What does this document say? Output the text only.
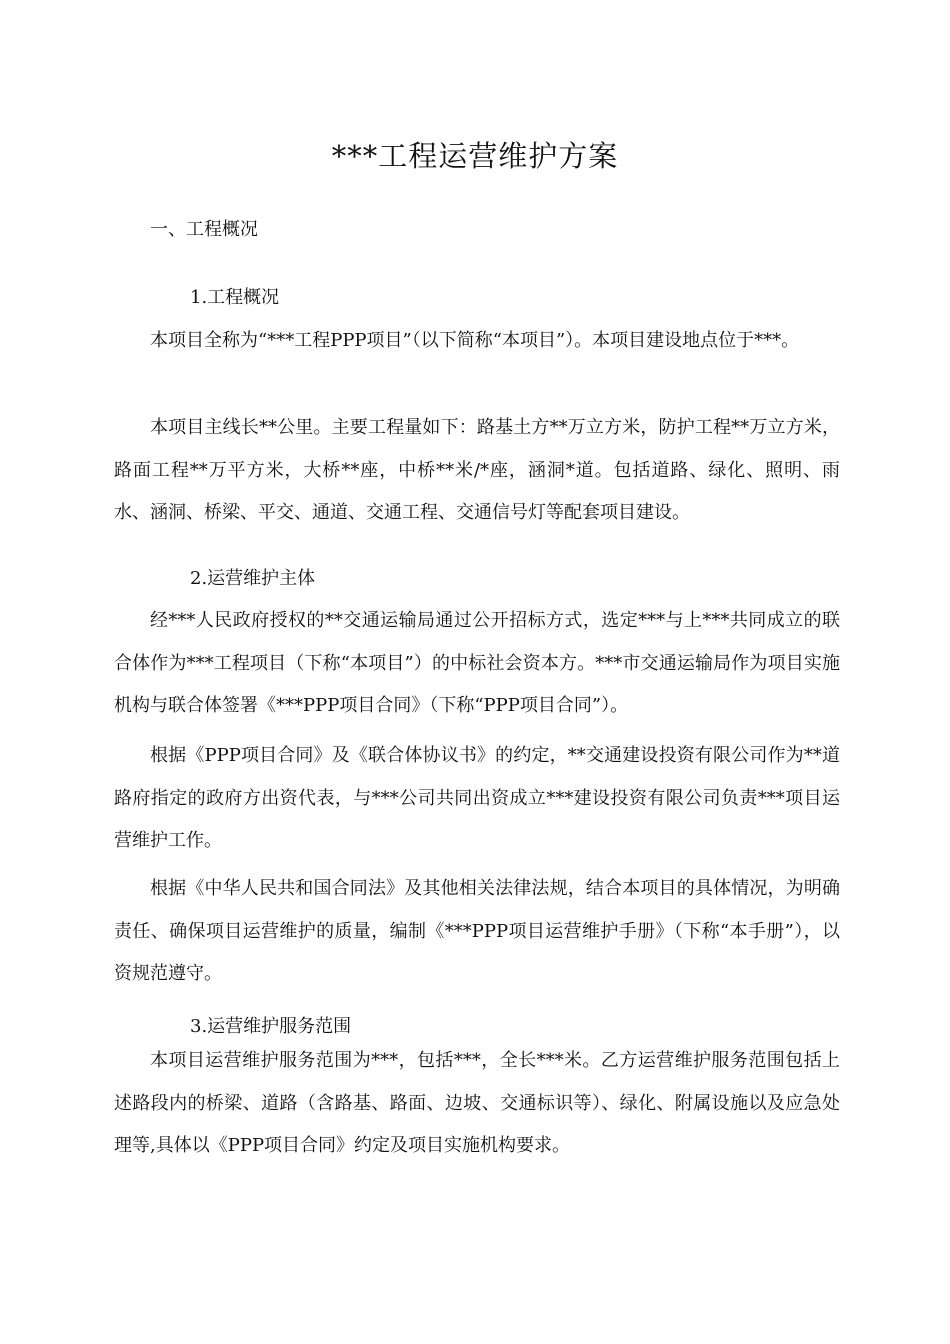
***工程运营维护方案
一、工程概况
1.工程概况

本项目全称为“***工程PPP项目”（以下简称“本项目”）。本项目建设地点位于***。

本项目主线长**公里。主要工程量如下：路基土方**万立方米，防护工程**万立方米，路面工程**万平方米，大桥**座，中桥**米/*座，涵洞*道。包括道路、绿化、照明、雨水、涵洞、桥梁、平交、通道、交通工程、交通信号灯等配套项目建设。

2.运营维护主体

经***人民政府授权的**交通运输局通过公开招标方式，选定***与上***共同成立的联合体作为***工程项目（下称“本项目”）的中标社会资本方。***市交通运输局作为项目实施机构与联合体签署《***PPP项目合同》（下称“PPP项目合同”）。

根据《PPP项目合同》及《联合体协议书》的约定，**交通建设投资有限公司作为**道路府指定的政府方出资代表，与***公司共同出资成立***建设投资有限公司负责***项目运营维护工作。

根据《中华人民共和国合同法》及其他相关法律法规，结合本项目的具体情况，为明确责任、确保项目运营维护的质量，编制《***PPP项目运营维护手册》（下称“本手册”），以资规范遵守。

3.运营维护服务范围

本项目运营维护服务范围为***，包括***，全长***米。乙方运营维护服务范围包括上述路段内的桥梁、道路（含路基、路面、边坡、交通标识等）、绿化、附属设施以及应急处理等,具体以《PPP项目合同》约定及项目实施机构要求。
